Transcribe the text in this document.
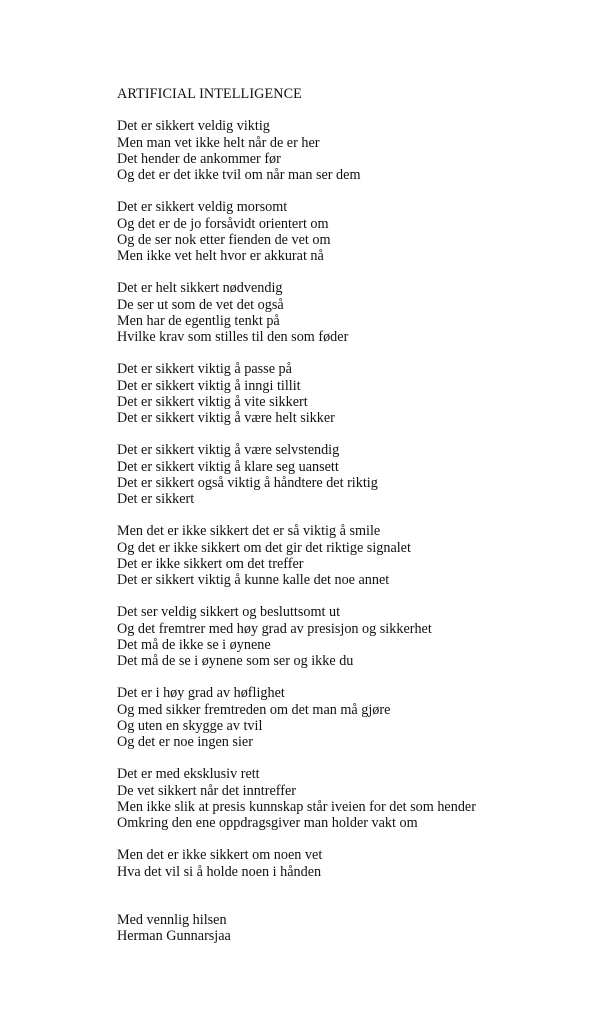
ARTIFICIAL INTELLIGENCE
Det er sikkert veldig viktig
Men man vet ikke helt når de er her
Det hender de ankommer før
Og det er det ikke tvil om når man ser dem
Det er sikkert veldig morsomt
Og det er de jo forsåvidt orientert om
Og de ser nok etter fienden de vet om
Men ikke vet helt hvor er akkurat nå
Det er helt sikkert nødvendig
De ser ut som de vet det også
Men har de egentlig tenkt på
Hvilke krav som stilles til den som føder
Det er sikkert viktig å passe på
Det er sikkert viktig å inngi tillit
Det er sikkert viktig å vite sikkert
Det er sikkert viktig å være helt sikker
Det er sikkert viktig å være selvstendig
Det er sikkert viktig å klare seg uansett
Det er sikkert også viktig å håndtere det riktig
Det er sikkert
Men det er ikke sikkert det er så viktig å smile
Og det er ikke sikkert om det gir det riktige signalet
Det er ikke sikkert om det treffer
Det er sikkert viktig å kunne kalle det noe annet
Det ser veldig sikkert og besluttsomt ut
Og det fremtrer med høy grad av presisjon og sikkerhet
Det må de ikke se i øynene
Det må de se i øynene som ser og ikke du
Det er i høy grad av høflighet
Og med sikker fremtreden om det man må gjøre
Og uten en skygge av tvil
Og det er noe ingen sier
Det er med eksklusiv rett
De vet sikkert når det inntreffer
Men ikke slik at presis kunnskap står iveien for det som hender
Omkring den ene oppdragsgiver man holder vakt om
Men det er ikke sikkert om noen vet
Hva det vil si å holde noen i hånden
Med vennlig hilsen
Herman Gunnarsjaa
